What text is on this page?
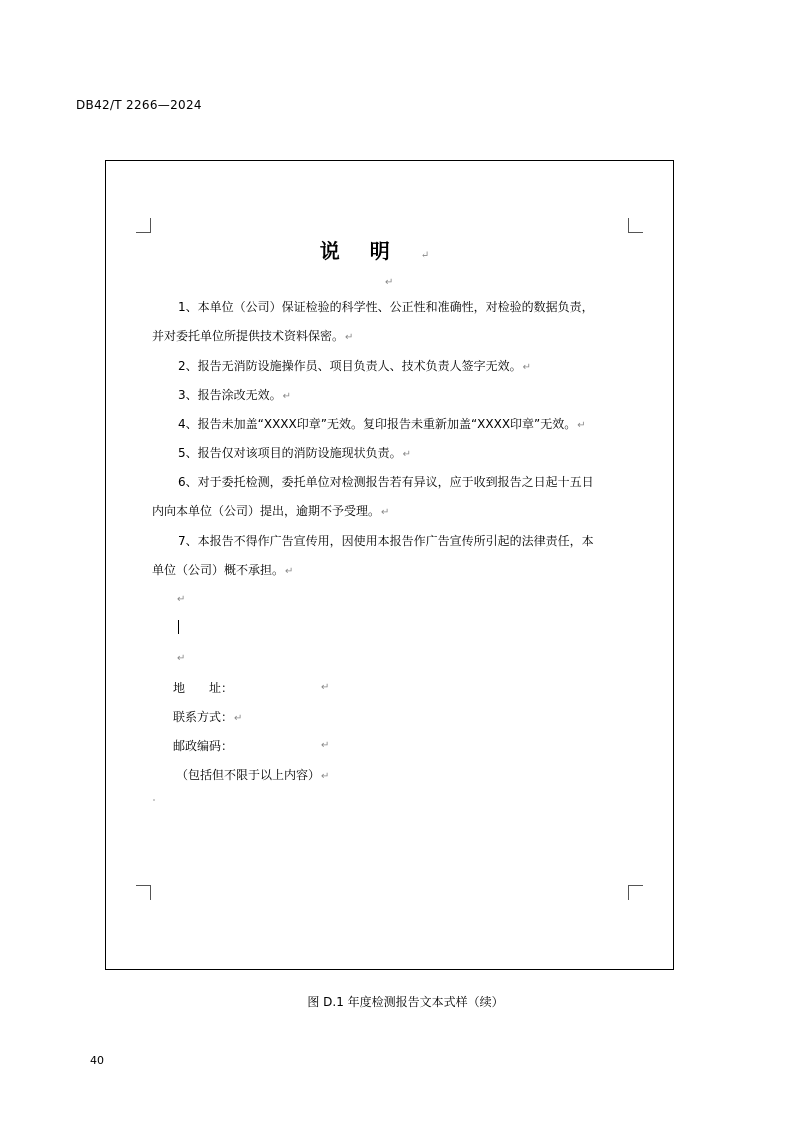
DB42/T 2266—2024
说明↵
↵
1、本单位（公司）保证检验的科学性、公正性和准确性，对检验的数据负责，
并对委托单位所提供技术资料保密。↵
2、报告无消防设施操作员、项目负责人、技术负责人签字无效。↵
3、报告涂改无效。↵
4、报告未加盖“XXXX印章”无效。复印报告未重新加盖“XXXX印章”无效。↵
5、报告仅对该项目的消防设施现状负责。↵
6、对于委托检测，委托单位对检测报告若有异议，应于收到报告之日起十五日
内向本单位（公司）提出，逾期不予受理。↵
7、本报告不得作广告宣传用，因使用本报告作广告宣传所引起的法律责任，本
单位（公司）概不承担。↵
↵
↵
地　　址：	↵
联系方式：↵
邮政编码：	↵
（包括但不限于以上内容）↵
图 D.1 年度检测报告文本式样（续）
40
